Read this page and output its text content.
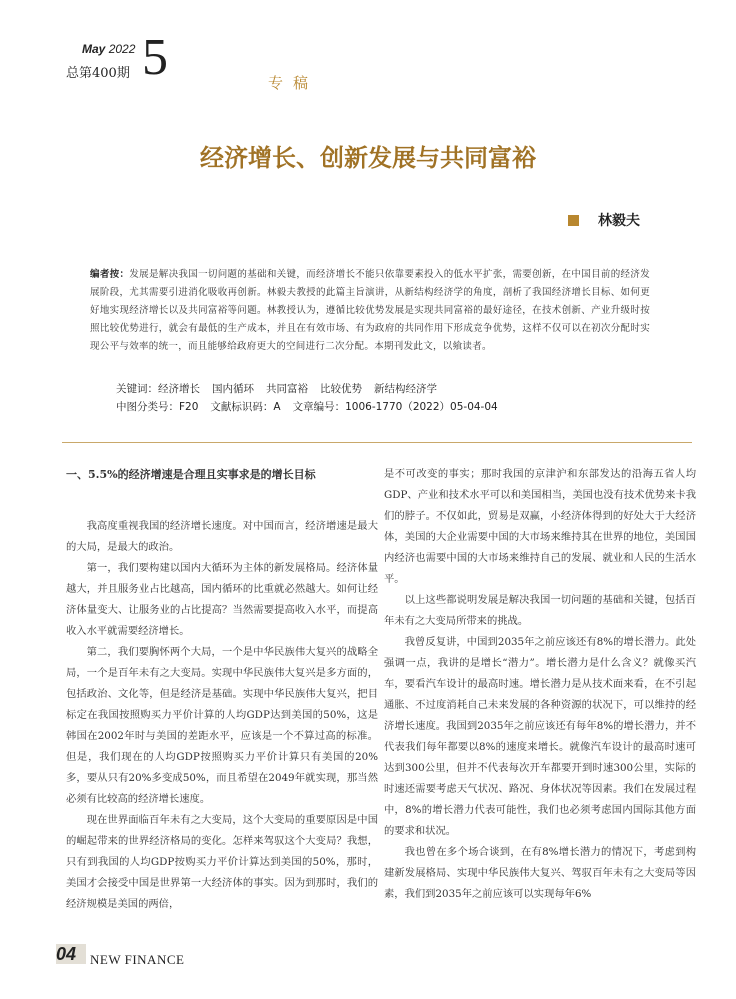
May 2022
总第400期 5	专稿
经济增长、创新发展与共同富裕
林毅夫
编者按：发展是解决我国一切问题的基础和关键，而经济增长不能只依靠要素投入的低水平扩张，需要创新，在中国目前的经济发展阶段，尤其需要引进消化吸收再创新。林毅夫教授的此篇主旨演讲，从新结构经济学的角度，剖析了我国经济增长目标、如何更好地实现经济增长以及共同富裕等问题。林教授认为，遵循比较优势发展是实现共同富裕的最好途径，在技术创新、产业升级时按照比较优势进行，就会有最低的生产成本，并且在有效市场、有为政府的共同作用下形成竞争优势，这样不仅可以在初次分配时实现公平与效率的统一，而且能够给政府更大的空间进行二次分配。本期刊发此文，以飨读者。
关键词：经济增长 国内循环 共同富裕 比较优势 新结构经济学
中图分类号：F20 文献标识码：A 文章编号：1006-1770（2022）05-04-04

一、5.5%的经济增速是合理且实事求是的增长目标

我高度重视我国的经济增长速度。对中国而言，经济增速是最大的大局，是最大的政治。

第一，我们要构建以国内大循环为主体的新发展格局。经济体量越大，并且服务业占比越高，国内循环的比重就必然越大。如何让经济体量变大、让服务业的占比提高？当然需要提高收入水平，而提高收入水平就需要经济增长。

第二，我们要胸怀两个大局，一个是中华民族伟大复兴的战略全局，一个是百年未有之大变局。实现中华民族伟大复兴是多方面的，包括政治、文化等，但是经济是基础。实现中华民族伟大复兴，把目标定在我国按照购买力平价计算的人均GDP达到美国的50%，这是韩国在2002年时与美国的差距水平，应该是一个不算过高的标准。但是，我们现在的人均GDP按照购买力平价计算只有美国的20%多，要从只有20%多变成50%，而且希望在2049年就实现，那当然必须有比较高的经济增长速度。

现在世界面临百年未有之大变局，这个大变局的重要原因是中国的崛起带来的世界经济格局的变化。怎样来驾驭这个大变局？我想，只有到我国的人均GDP按购买力平价计算达到美国的50%，那时，美国才会接受中国是世界第一大经济体的事实。因为到那时，我们的经济规模是美国的两倍，

是不可改变的事实；那时我国的京津沪和东部发达的沿海五省人均GDP、产业和技术水平可以和美国相当，美国也没有技术优势来卡我们的脖子。不仅如此，贸易是双赢，小经济体得到的好处大于大经济体，美国的大企业需要中国的大市场来维持其在世界的地位，美国国内经济也需要中国的大市场来维持自己的发展、就业和人民的生活水平。

以上这些都说明发展是解决我国一切问题的基础和关键，包括百年未有之大变局所带来的挑战。

我曾反复讲，中国到2035年之前应该还有8%的增长潜力。此处强调一点，我讲的是增长“潜力”。增长潜力是什么含义？就像买汽车，要看汽车设计的最高时速。增长潜力是从技术面来看，在不引起通胀、不过度消耗自己未来发展的各种资源的状况下，可以维持的经济增长速度。我国到2035年之前应该还有每年8%的增长潜力，并不代表我们每年都要以8%的速度来增长。就像汽车设计的最高时速可达到300公里，但并不代表每次开车都要开到时速300公里，实际的时速还需要考虑天气状况、路况、身体状况等因素。我们在发展过程中，8%的增长潜力代表可能性，我们也必须考虑国内国际其他方面的要求和状况。

我也曾在多个场合谈到，在有8%增长潜力的情况下，考虑到构建新发展格局、实现中华民族伟大复兴、驾驭百年未有之大变局等因素，我们到2035年之前应该可以实现每年6%

04 NEW FINANCE
